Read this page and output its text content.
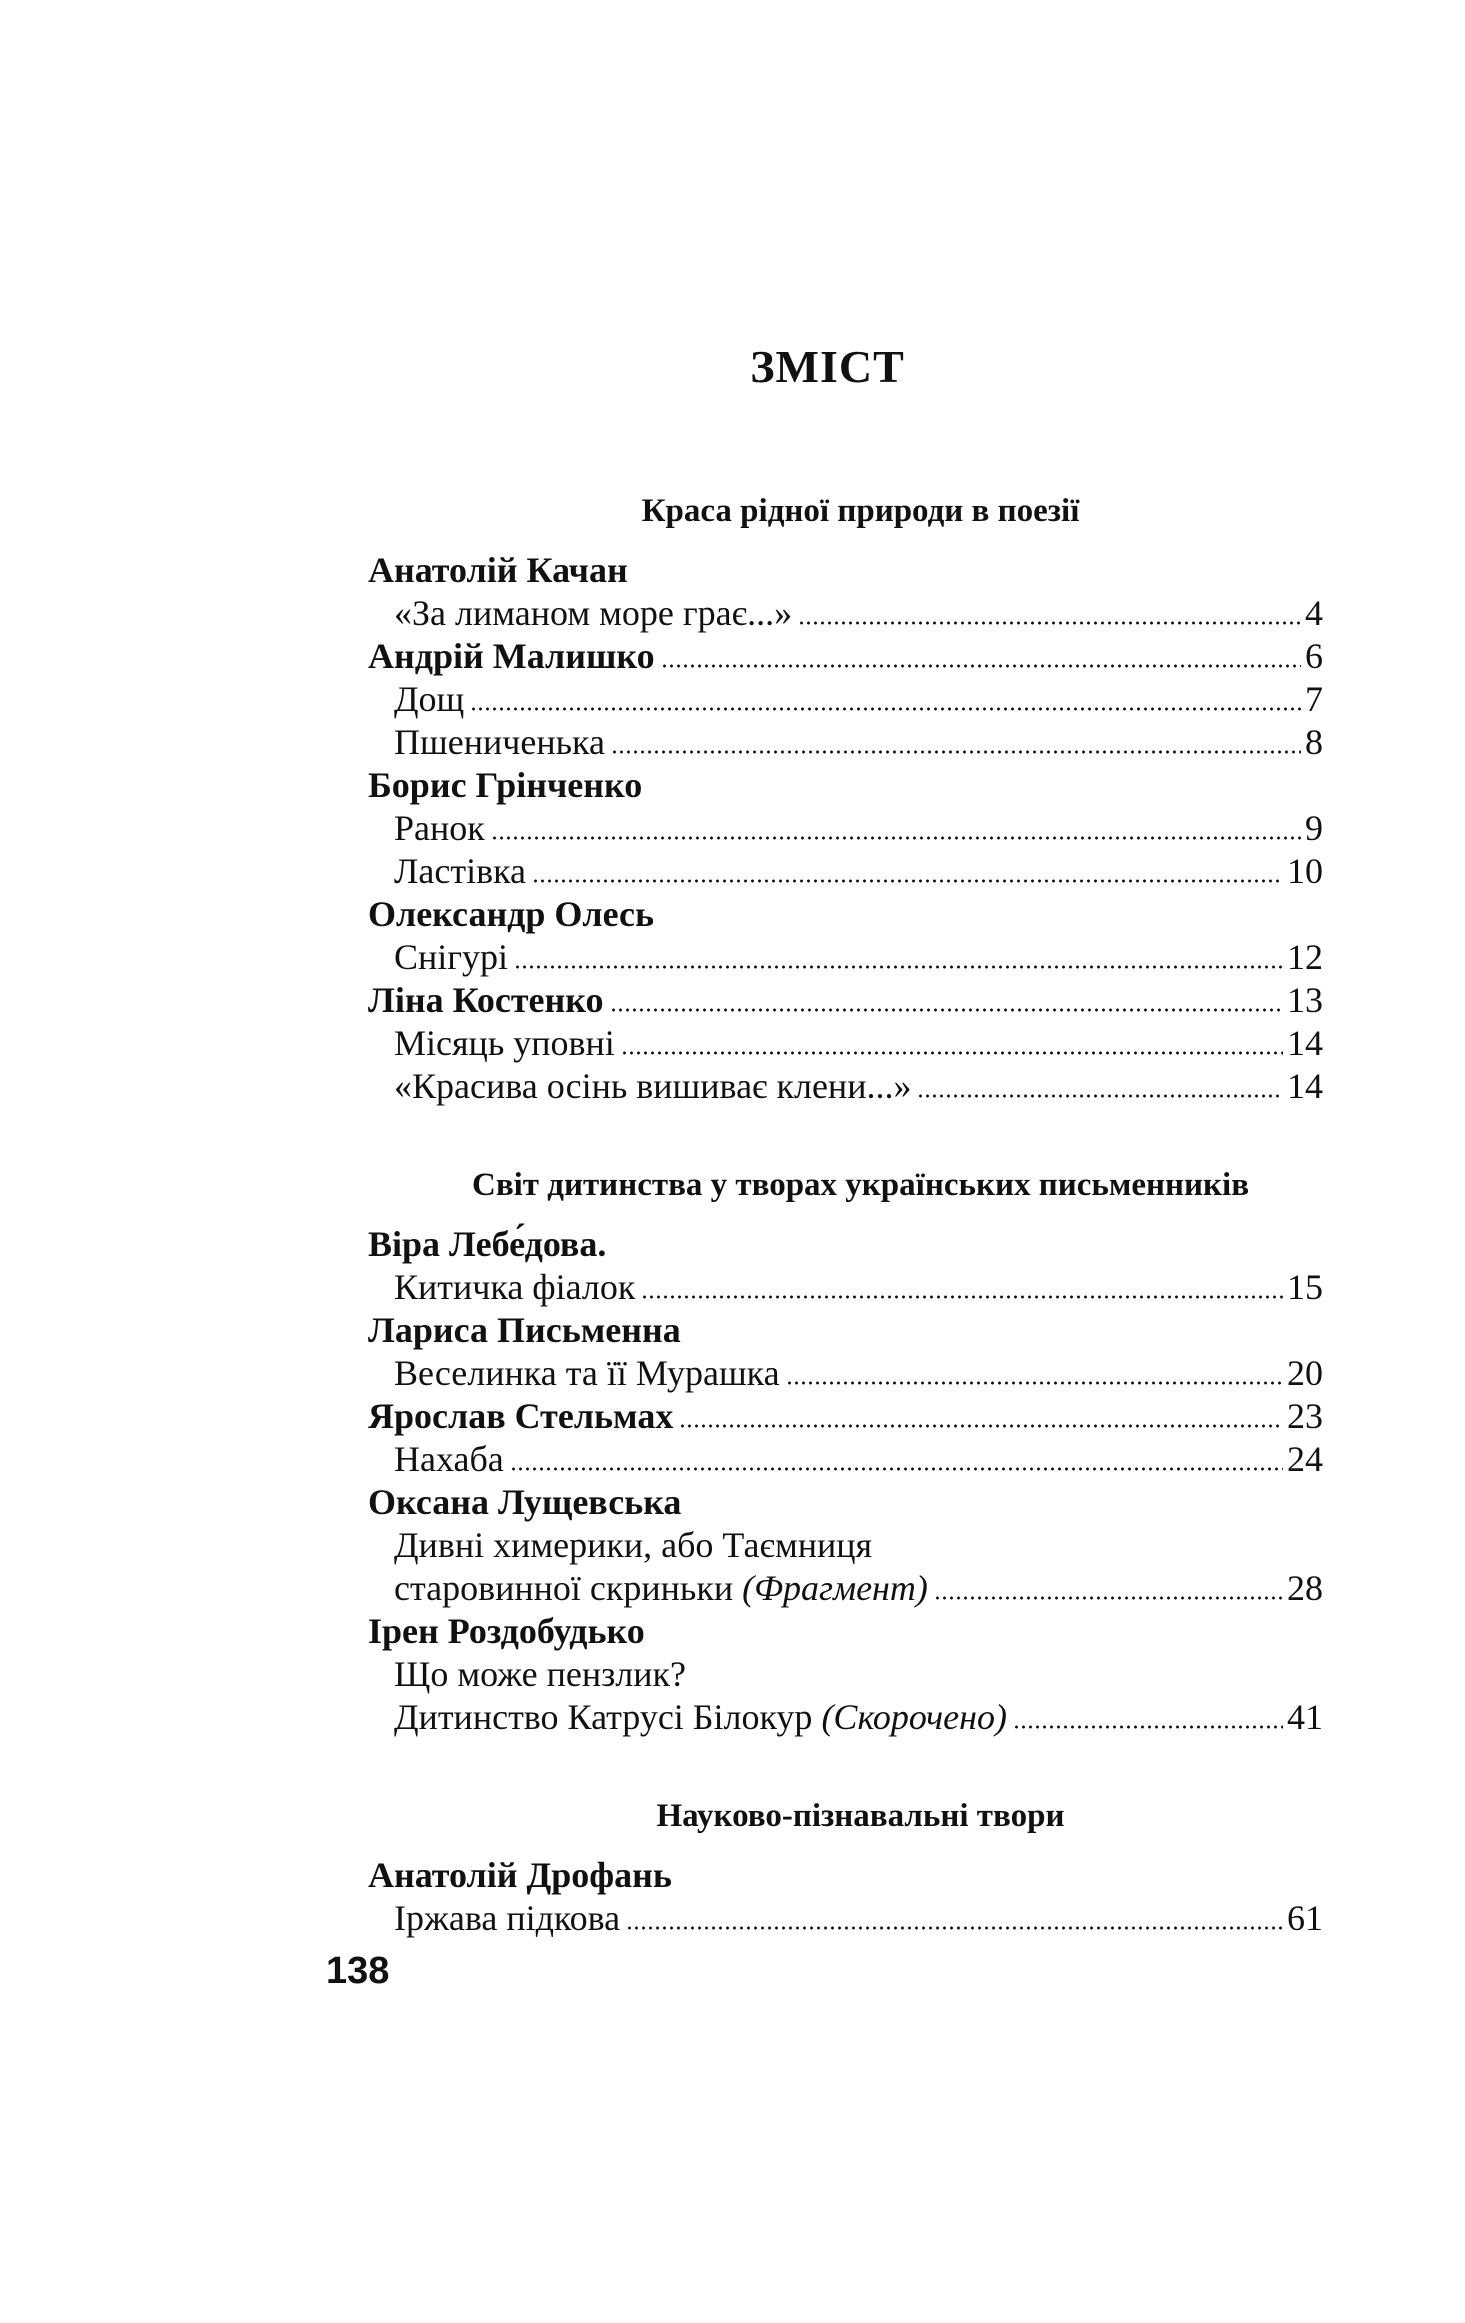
ЗМІСТ
Краса рідної природи в поезії
Анатолій Качан
«За лиманом море грає...»	4
Андрій Малишко	6
Дощ	7
Пшениченька	8
Борис Грінченко
Ранок	9
Ластівка	10
Олександр Олесь
Снігурі	12
Ліна Костенко	13
Місяць уповні	14
«Красива осінь вишиває клени...»	14
Світ дитинства у творах українських письменників
Віра Лебе́дова.
Китичка фіалок	15
Лариса Письменна
Веселинка та її Мурашка	20
Ярослав Стельмах	23
Нахаба	24
Оксана Лущевська
Дивні химерики, або Таємниця
старовинної скриньки (Фрагмент)	28
Ірен Роздобудько
Що може пензлик?
Дитинство Катрусі Білокур (Скорочено)	41
Науково-пізнавальні твори
Анатолій Дрофань
Іржава підкова	61
138
